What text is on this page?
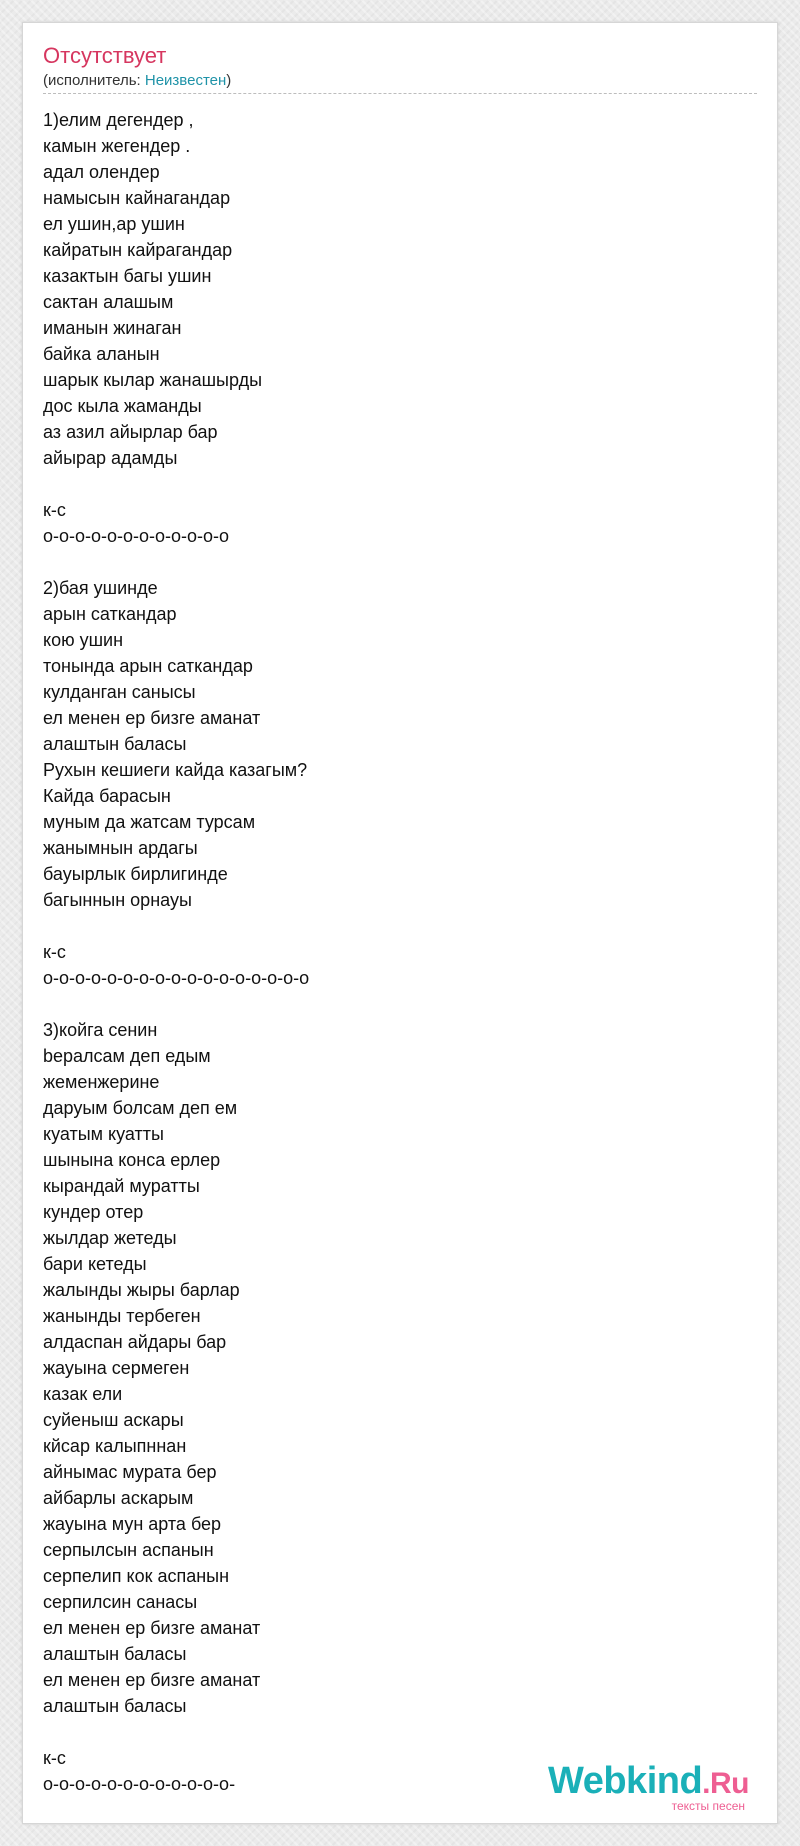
Отсутствует
(исполнитель: Неизвестен)
1)елим дегендер ,
камын жегендер .
адал олендер
намысын кайнагандар
ел ушин,ар ушин
кайратын кайрагандар
казактын багы ушин
сактан алашым
иманын жинаган
байка аланын
шарык кылар жанашырды
дос кыла жаманды
аз азил айырлар бар
айырар адамды
к-с
о-о-о-о-о-о-о-о-о-о-о-о
2)бая ушинде
арын саткандар
кою ушин
тонында арын саткандар
кулданган санысы
ел менен ер бизге аманат
алаштын баласы
Рухын кешиеги кайда казагым?
Кайда барасын
муным да жатсам турсам
жанымнын ардагы
бауырлык бирлигинде
багыннын орнауы
к-с
о-о-о-о-о-о-о-о-о-о-о-о-о-о-о-о-о
3)койга сенин
beралсам деп едым
жеменжерине
даруым болсам деп ем
куатым куатты
шынына конса ерлер
кырандай муратты
кундер отер
жылдар жетеды
бари кетеды
жалынды жыры барлар
жанынды тербеген
алдаспан айдары бар
жауына сермеген
казак ели
суйеныш аскары
кйсар калыпннан
айнымас мурата бер
айбарлы аскарым
жауына мун арта бер
серпылсын аспанын
серпелип кок аспанын
серпилсин санасы
ел менен ер бизге аманат
алаштын баласы
ел менен ер бизге аманат
алаштын баласы
к-с
о-о-о-о-о-о-о-о-о-о-о-о-	Webkind.Ru
тексты песен
